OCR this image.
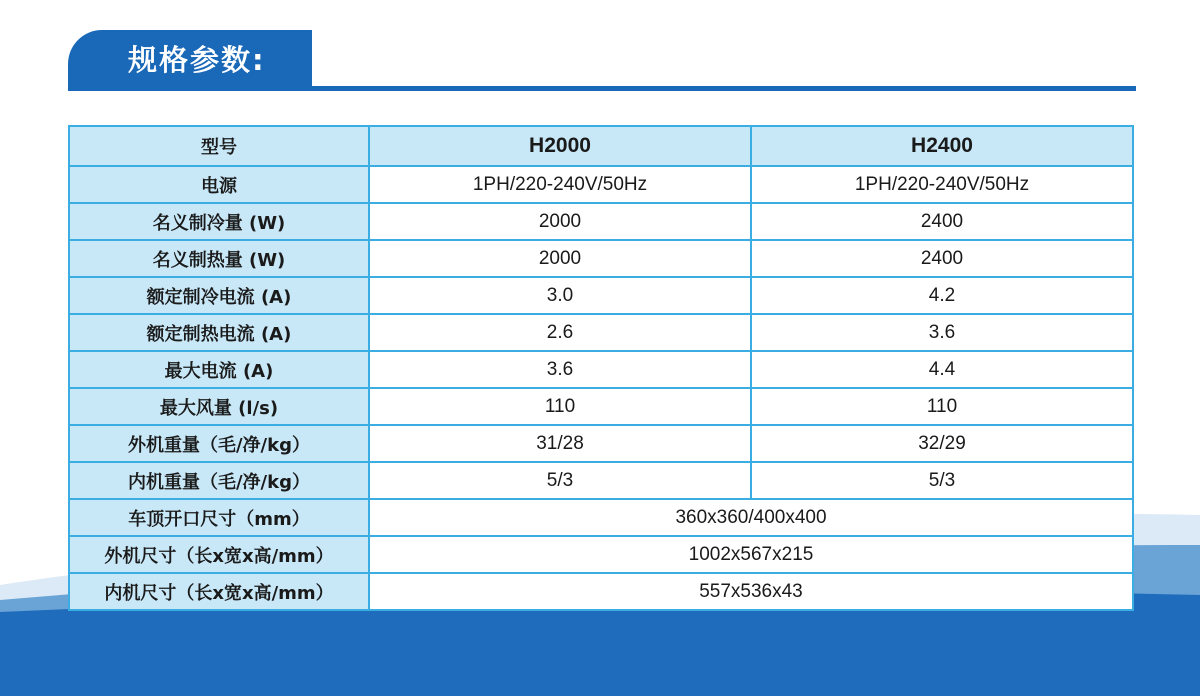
规格参数:
型号	H2000	H2400
电源	1PH/220-240V/50Hz	1PH/220-240V/50Hz
名义制冷量 (W)	2000	2400
名义制热量 (W)	2000	2400
额定制冷电流 (A)	3.0	4.2
额定制热电流 (A)	2.6	3.6
最大电流 (A)	3.6	4.4
最大风量 (l/s)	110	110
外机重量（毛/净/kg）	31/28	32/29
内机重量（毛/净/kg）	5/3	5/3
车顶开口尺寸（mm）	360x360/400x400	
外机尺寸（长x宽x高/mm）	1002x567x215	
内机尺寸（长x宽x高/mm）	557x536x43	
